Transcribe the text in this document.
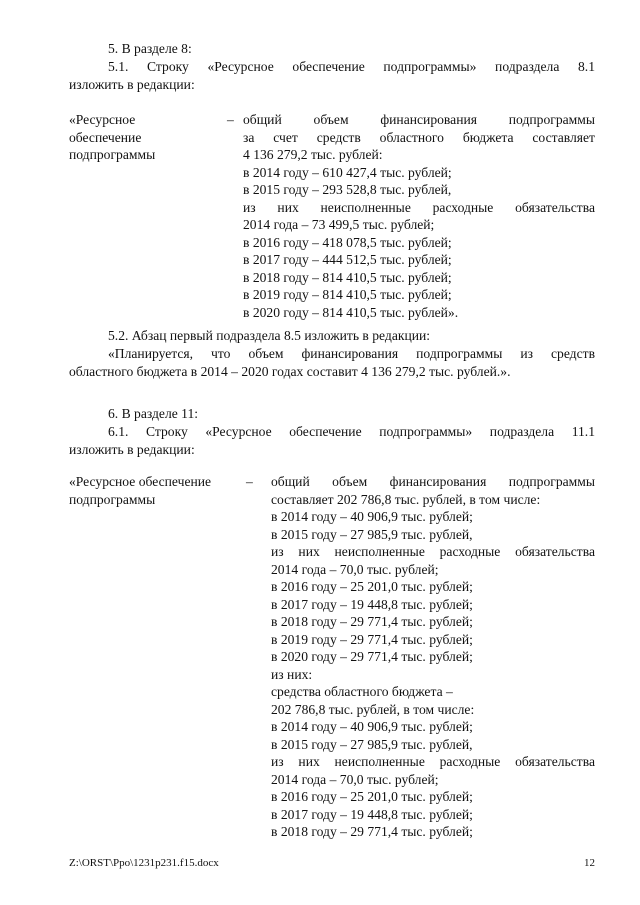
5. В разделе 8:

5.1. Строку «Ресурсное обеспечение подпрограммы» подраздела 8.1

изложить в редакции:

«Ресурсное
обеспечение
подпрограммы
– общий объем финансирования подпрограммы
за счет средств областного бюджета составляет
4 136 279,2 тыс. рублей:
в 2014 году – 610 427,4 тыс. рублей;
в 2015 году – 293 528,8 тыс. рублей,
из них неисполненные расходные обязательства
2014 года – 73 499,5 тыс. рублей;
в 2016 году – 418 078,5 тыс. рублей;
в 2017 году – 444 512,5 тыс. рублей;
в 2018 году – 814 410,5 тыс. рублей;
в 2019 году – 814 410,5 тыс. рублей;
в 2020 году – 814 410,5 тыс. рублей».

5.2. Абзац первый подраздела 8.5 изложить в редакции:

«Планируется, что объем финансирования подпрограммы из средств

областного бюджета в 2014 – 2020 годах составит 4 136 279,2 тыс. рублей.».

6. В разделе 11:

6.1. Строку «Ресурсное обеспечение подпрограммы» подраздела 11.1

изложить в редакции:

«Ресурсное обеспечение
подпрограммы
– общий объем финансирования подпрограммы
составляет 202 786,8 тыс. рублей, в том числе:
в 2014 году – 40 906,9 тыс. рублей;
в 2015 году – 27 985,9 тыс. рублей,
из них неисполненные расходные обязательства
2014 года – 70,0 тыс. рублей;
в 2016 году – 25 201,0 тыс. рублей;
в 2017 году – 19 448,8 тыс. рублей;
в 2018 году – 29 771,4 тыс. рублей;
в 2019 году – 29 771,4 тыс. рублей;
в 2020 году – 29 771,4 тыс. рублей;
из них:
средства областного бюджета –
202 786,8 тыс. рублей, в том числе:
в 2014 году – 40 906,9 тыс. рублей;
в 2015 году – 27 985,9 тыс. рублей,
из них неисполненные расходные обязательства
2014 года – 70,0 тыс. рублей;
в 2016 году – 25 201,0 тыс. рублей;
в 2017 году – 19 448,8 тыс. рублей;
в 2018 году – 29 771,4 тыс. рублей;
Z:\ORST\Ppo\1231p231.f15.docx	12
